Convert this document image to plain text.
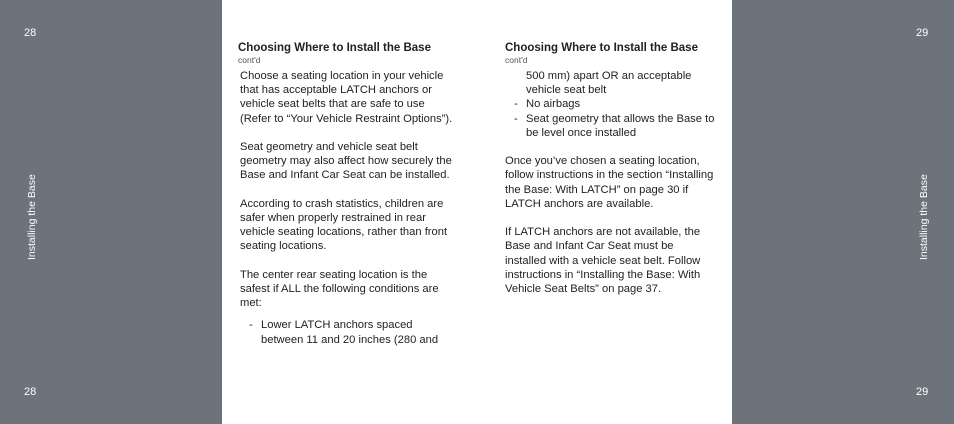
28
Installing the Base
28
29
29
Installing the Base
Choosing Where to Install the Base
cont'd

Choose a seating location in your vehicle that has acceptable LATCH anchors or vehicle seat belts that are safe to use (Refer to “Your Vehicle Restraint Options”).

Seat geometry and vehicle seat belt geometry may also affect how securely the Base and Infant Car Seat can be installed.

According to crash statistics, children are safer when properly restrained in rear vehicle seating locations, rather than front seating locations.

The center rear seating location is the safest if ALL the following conditions are met:

- Lower LATCH anchors spaced between 11 and 20 inches (280 and
Choosing Where to Install the Base
cont'd
500 mm) apart OR an acceptable vehicle seat belt
- No airbags
- Seat geometry that allows the Base to be level once installed

Once you’ve chosen a seating location, follow instructions in the section “Installing the Base: With LATCH” on page 30 if LATCH anchors are available.

If LATCH anchors are not available, the Base and Infant Car Seat must be installed with a vehicle seat belt. Follow instructions in “Installing the Base: With Vehicle Seat Belts” on page 37.
